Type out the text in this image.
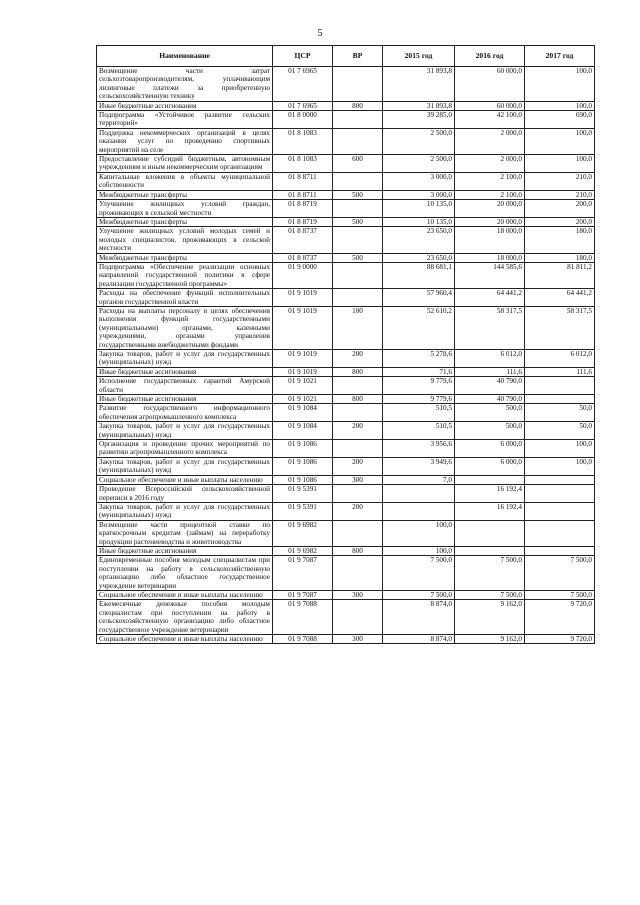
5
Наименование	ЦСР	ВР	2015 год	2016 год	2017 год
Возмещение части затрат сельхозтоваропроизводителям, уплачивающим лизинговые платежи за приобретенную сельскохозяйственную технику	01 7 6965		31 893,8	60 000,0	100,0
Иные бюджетные ассигнования	01 7 6965	800	31 893,8	60 000,0	100,0
Подпрограмма «Устойчивое развитие сельских территорий»	01 8 0000		39 285,0	42 100,0	690,0
Поддержка некоммерческих организаций в целях оказания услуг по проведению спортивных мероприятий на селе	01 8 1083		2 500,0	2 000,0	100,0
Предоставление субсидий бюджетным, автономным учреждениям и иным некоммерческим организациям	01 8 1083	600	2 500,0	2 000,0	100,0
Капитальные вложения в объекты муниципальной собственности	01 8 8711		3 000,0	2 100,0	210,0
Межбюджетные трансферты	01 8 8711	500	3 000,0	2 100,0	210,0
Улучшение жилищных условий граждан, проживающих в сельской местности	01 8 8719		10 135,0	20 000,0	200,0
Межбюджетные трансферты	01 8 8719	500	10 135,0	20 000,0	200,0
Улучшение жилищных условий молодых семей и молодых специалистов, проживающих в сельской местности	01 8 8737		23 650,0	18 000,0	180,0
Межбюджетные трансферты	01 8 8737	500	23 650,0	18 000,0	180,0
Подпрограмма «Обеспечение реализации основных направлений государственной политики в сфере реализации государственной программы»	01 9 0000		88 681,1	144 585,6	81 811,2
Расходы на обеспечение функций исполнительных органов государственной власти	01 9 1019		57 960,4	64 441,2	64 441,2
Расходы на выплаты персоналу в целях обеспечения выполнения функций государственными (муниципальными) органами, казенными учреждениями, органами управления государственными внебюджетными фондами	01 9 1019	100	52 610,2	58 317,5	58 317,5
Закупка товаров, работ и услуг для государственных (муниципальных) нужд	01 9 1019	200	5 278,6	6 012,0	6 012,0
Иные бюджетные ассигнования	01 9 1019	800	71,6	111,6	111,6
Исполнение государственных гарантий Амурской области	01 9 1021		9 779,6	40 790,0	
Иные бюджетные ассигнования	01 9 1021	800	9 779,6	40 790,0	
Развитие государственного информационного обеспечения агропромышленного комплекса	01 9 1084		510,5	500,0	50,0
Закупка товаров, работ и услуг для государственных (муниципальных) нужд	01 9 1084	200	510,5	500,0	50,0
Организация и проведение прочих мероприятий по развитию агропромышленного комплекса	01 9 1086		3 956,6	6 000,0	100,0
Закупка товаров, работ и услуг для государственных (муниципальных) нужд	01 9 1086	200	3 949,6	6 000,0	100,0
Социальное обеспечение и иные выплаты населению	01 9 1086	300	7,0		
Проведение Всероссийской сельскохозяйственной переписи в 2016 году	01 9 5391			16 192,4	
Закупка товаров, работ и услуг для государственных (муниципальных) нужд	01 9 5391	200		16 192,4	
Возмещение части процентной ставки по краткосрочным кредитам (займам) на переработку продукции растениеводства и животноводства	01 9 6982		100,0		
Иные бюджетные ассигнования	01 9 6982	800	100,0		
Единовременные пособия молодым специалистам при поступлении на работу в сельскохозяйственную организацию либо областное государственное учреждение ветеринарии	01 9 7087		7 500,0	7 500,0	7 500,0
Социальное обеспечение и иные выплаты населению	01 9 7087	300	7 500,0	7 500,0	7 500,0
Ежемесячные денежные пособия молодым специалистам при поступлении на работу в сельскохозяйственную организацию либо областное государственное учреждение ветеринарии	01 9 7088		8 874,0	9 162,0	9 720,0
Социальное обеспечение и иные выплаты населению	01 9 7088	300	8 874,0	9 162,0	9 720,0
